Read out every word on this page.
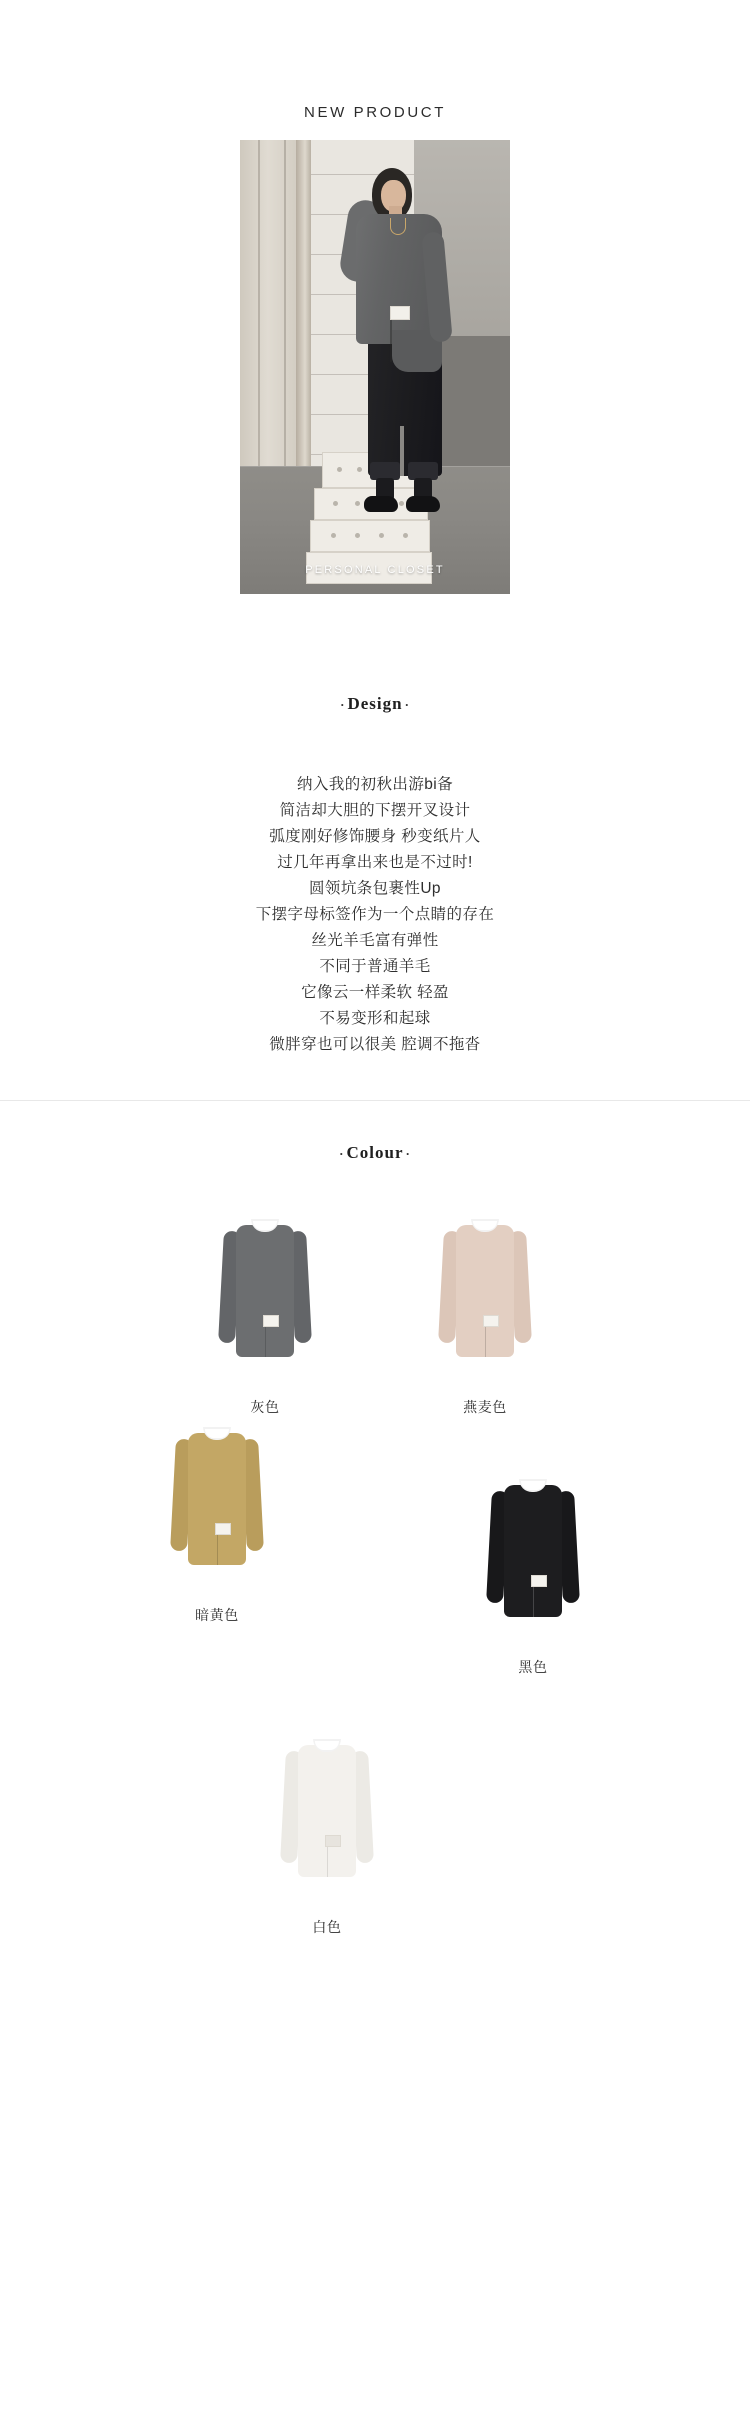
NEW PRODUCT
PERSONAL CLOSET
· Design ·
纳入我的初秋出游bi备
简洁却大胆的下摆开叉设计
弧度刚好修饰腰身 秒变纸片人
过几年再拿出来也是不过时!
圆领坑条包裹性Up
下摆字母标签作为一个点睛的存在
丝光羊毛富有弹性
不同于普通羊毛
它像云一样柔软 轻盈
不易变形和起球
微胖穿也可以很美 腔调不拖沓
· Colour ·
灰色	燕麦色
暗黄色
黑色
白色
